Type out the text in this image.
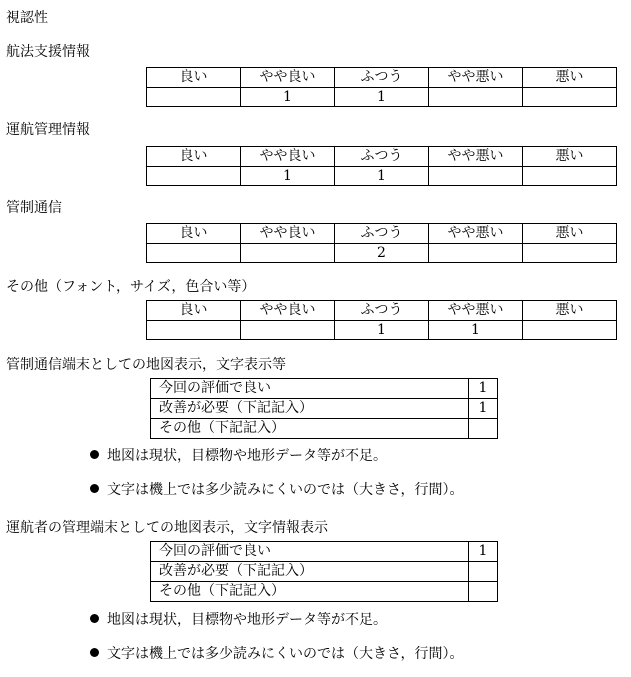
視認性
航法支援情報
良い	やや良い	ふつう	やや悪い	悪い
	1	1		
運航管理情報
良い	やや良い	ふつう	やや悪い	悪い
	1	1		
管制通信
良い	やや良い	ふつう	やや悪い	悪い
		2		
その他（フォント，サイズ，色合い等）
良い	やや良い	ふつう	やや悪い	悪い
		1	1	
管制通信端末としての地図表示，文字表示等
今回の評価で良い	1
改善が必要（下記記入）	1
その他（下記記入）	
地図は現状，目標物や地形データ等が不足。
文字は機上では多少読みにくいのでは（大きさ，行間）。
運航者の管理端末としての地図表示，文字情報表示
今回の評価で良い	1
改善が必要（下記記入）	
その他（下記記入）	
地図は現状，目標物や地形データ等が不足。
文字は機上では多少読みにくいのでは（大きさ，行間）。
